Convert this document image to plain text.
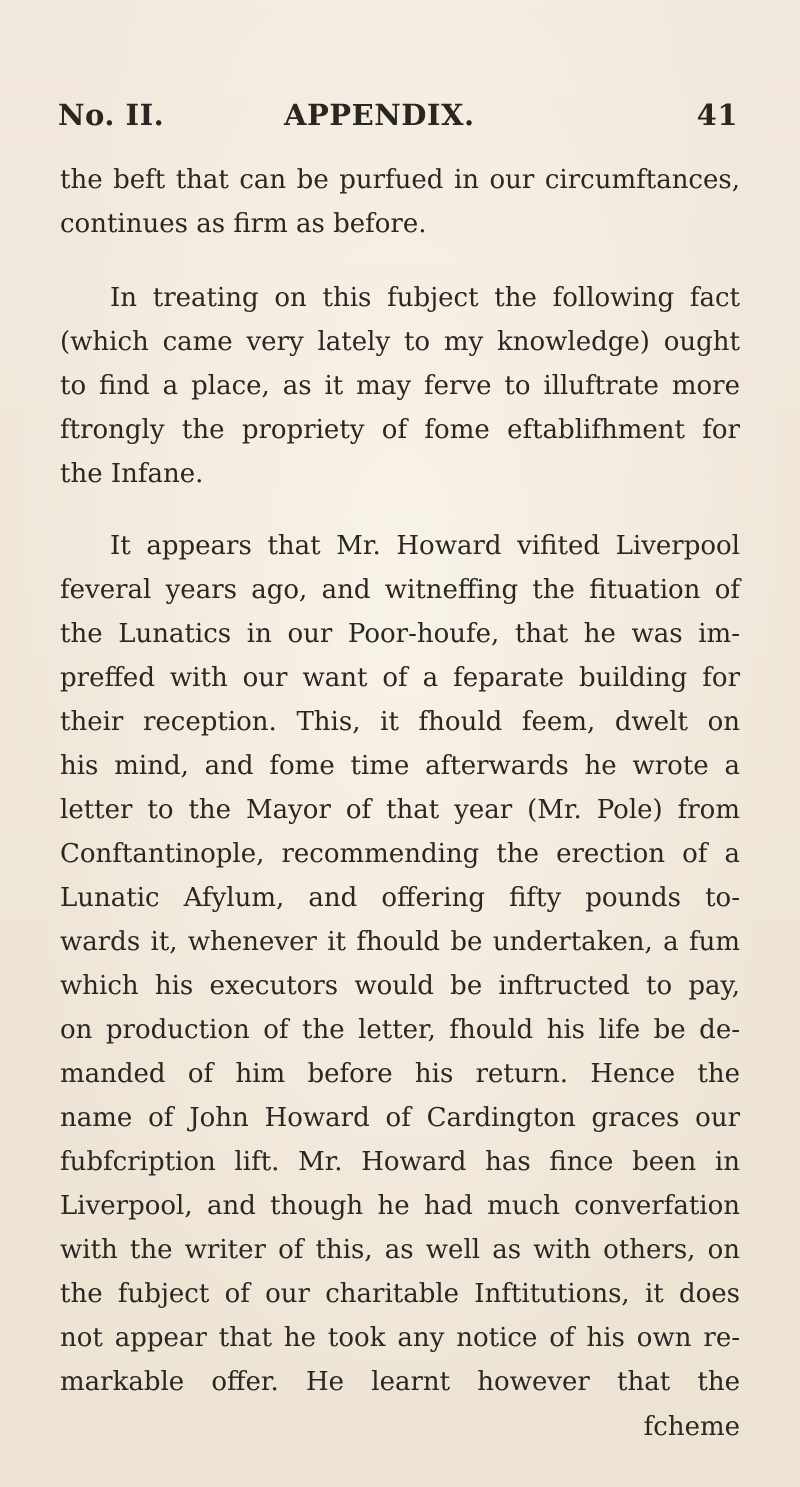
No. II.	APPENDIX.	41
the beft that can be purfued in our circumftances,
continues as firm as before.
In treating on this fubject the following fact
(which came very lately to my knowledge) ought
to find a place, as it may ferve to illuftrate more
ftrongly the propriety of fome eftablifhment for
the Infane.
It appears that Mr. Howard vifited Liverpool
feveral years ago, and witneffing the fituation of
the Lunatics in our Poor-houfe, that he was im-
preffed with our want of a feparate building for
their reception. This, it fhould feem, dwelt on
his mind, and fome time afterwards he wrote a
letter to the Mayor of that year (Mr. Pole) from
Conftantinople, recommending the erection of a
Lunatic Afylum, and offering fifty pounds to-
wards it, whenever it fhould be undertaken, a fum
which his executors would be inftructed to pay,
on production of the letter, fhould his life be de-
manded of him before his return. Hence the
name of John Howard of Cardington graces our
fubfcription lift. Mr. Howard has fince been in
Liverpool, and though he had much converfation
with the writer of this, as well as with others, on
the fubject of our charitable Inftitutions, it does
not appear that he took any notice of his own re-
markable offer. He learnt however that the
fcheme
